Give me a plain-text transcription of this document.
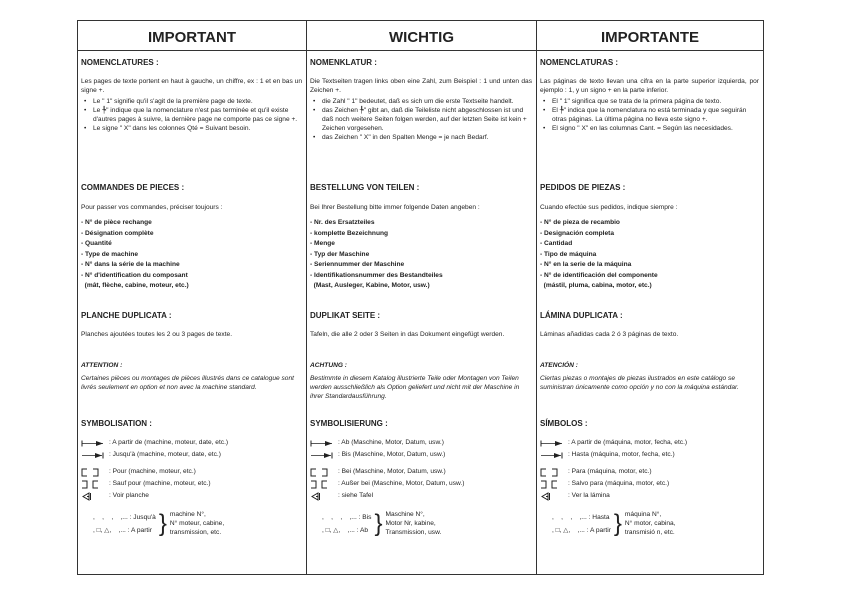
IMPORTANT
NOMENCLATURES :
Les pages de texte portent en haut à gauche, un chiffre, ex : 1 et en bas un signe +.
• Le " 1" signifie qu'il s'agit de la première page de texte.
• Le ╄" indique que la nomenclature n'est pas terminée et qu'il existe d'autres pages à suivre, la dernière page ne comporte pas ce signe +.
• Le signe " X" dans les colonnes Qté = Suivant besoin.
COMMANDES DE PIECES :
Pour passer vos commandes, préciser toujours :
- N° de pièce rechange
- Désignation complète
- Quantité
- Type de machine
- N° dans la série de la machine
- N° d'identification du composant
(mât, flèche, cabine, moteur, etc.)
PLANCHE DUPLICATA :
Planches ajoutées toutes les 2 ou 3 pages de texte.
ATTENTION :
Certaines pièces ou montages de pièces illustrés dans ce catalogue sont livrés seulement en option et non avec la machine standard.
SYMBOLISATION :
: A partir de (machine, moteur, date, etc.)
: Jusqu'à (machine, moteur, date, etc.)
: Pour (machine, moteur, etc.)
: Sauf pour (machine, moteur, etc.)
: Voir planche
,    ,    ,    ,... : Jusqu'à
, □, △,    ,... : A partir } machine N°,
N° moteur, cabine,
transmission, etc.
WICHTIG
NOMENKLATUR :
Die Textseiten tragen links oben eine Zahl, zum Beispiel : 1 und unten das Zeichen +.
• die Zahl " 1" bedeutet, daß es sich um die erste Textseite handelt.
• das Zeichen ╄" gibt an, daß die Teileliste nicht abgeschlossen ist und daß noch weitere Seiten folgen werden, auf der letzten Seite ist kein + Zeichen vorgesehen.
• das Zeichen " X" in den Spalten Menge = je nach Bedarf.
BESTELLUNG VON TEILEN :
Bei Ihrer Bestellung bitte immer folgende Daten angeben :
- Nr. des Ersatzteiles
- komplette Bezeichnung
- Menge
- Typ der Maschine
- Seriennummer der Maschine
- Identifikationsnummer des Bestandteiles
(Mast, Ausleger, Kabine, Motor, usw.)
DUPLIKAT SEITE :
Tafeln, die alle 2 oder 3 Seiten in das Dokument eingefügt werden.
ACHTUNG :
Bestimmte in diesem Katalog illustrierte Teile oder Montagen von Teilen werden ausschließlich als Option geliefert und nicht mit der Maschine in ihrer Standardausführung.
SYMBOLISIERUNG :
: Ab (Maschine, Motor, Datum, usw.)
: Bis (Maschine, Motor, Datum, usw.)
: Bei (Maschine, Motor, Datum, usw.)
: Außer bei (Maschine, Motor, Datum, usw.)
: siehe Tafel
,    ,    ,    ,... : Bis
, □, △,    ,... : Ab } Maschine N°,
Motor Nr, kabine,
Transmission, usw.
IMPORTANTE
NOMENCLATURAS :
Las páginas de texto llevan una cifra en la parte superior izquierda, por ejemplo : 1, y un signo + en la parte inferior.
• El " 1" significa que se trata de la primera página de texto.
• El ╄" indica que la nomenclatura no está terminada y que seguirán otras páginas. La última página no lleva este signo +.
• El signo " X" en las columnas Cant. = Según las necesidades.
PEDIDOS DE PIEZAS :
Cuando efectúe sus pedidos, indique siempre :
- N° de pieza de recambio
- Designación completa
- Cantidad
- Tipo de máquina
- N° en la serie de la máquina
- N° de identificación del componente
(mástil, pluma, cabina, motor, etc.)
LÁMINA DUPLICATA :
Láminas añadidas cada 2 ó 3 páginas de texto.
ATENCIÓN :
Ciertas piezas o montajes de piezas ilustrados en este catálogo se suministran únicamente como opción y no con la máquina estándar.
SÍMBOLOS :
: A partir de (máquina, motor, fecha, etc.)
: Hasta (máquina, motor, fecha, etc.)
: Para (máquina, motor, etc.)
: Salvo para (máquina, motor, etc.)
: Ver la lámina
,    ,    ,    ,... : Hasta
, □, △,    ,... : A partir } máquina N°,
N° motor, cabina,
transmisió n, etc.
